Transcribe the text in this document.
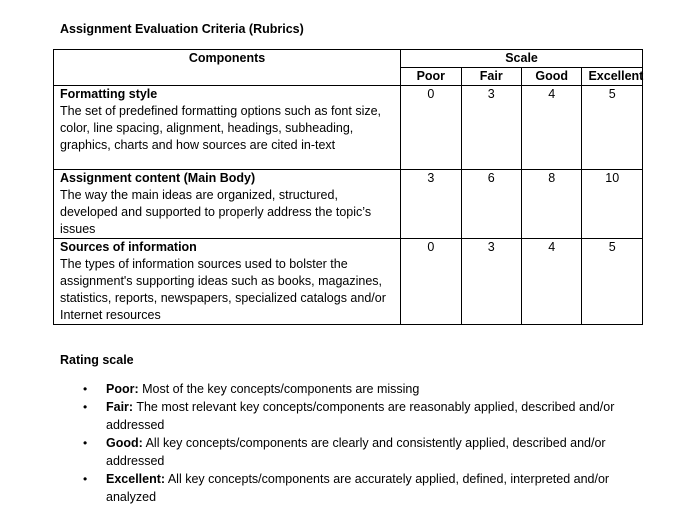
Assignment Evaluation Criteria (Rubrics)
Components	Scale			
	Poor	Fair	Good	Excellent

Formatting style
The set of predefined formatting options such as font size, color, line spacing, alignment, headings, subheading, graphics, charts and how sources are cited in-text	0	3	4	5

Assignment content (Main Body)
The way the main ideas are organized, structured, developed and supported to properly address the topic’s issues	3	6	8	10

Sources of information
The types of information sources used to bolster the assignment's supporting ideas such as books, magazines, statistics, reports, newspapers, specialized catalogs and/or Internet resources	0	3	4	5
Rating scale
• Poor: Most of the key concepts/components are missing
• Fair: The most relevant key concepts/components are reasonably applied, described and/or addressed
• Good: All key concepts/components are clearly and consistently applied, described and/or addressed
• Excellent: All key concepts/components are accurately applied, defined, interpreted and/or analyzed
